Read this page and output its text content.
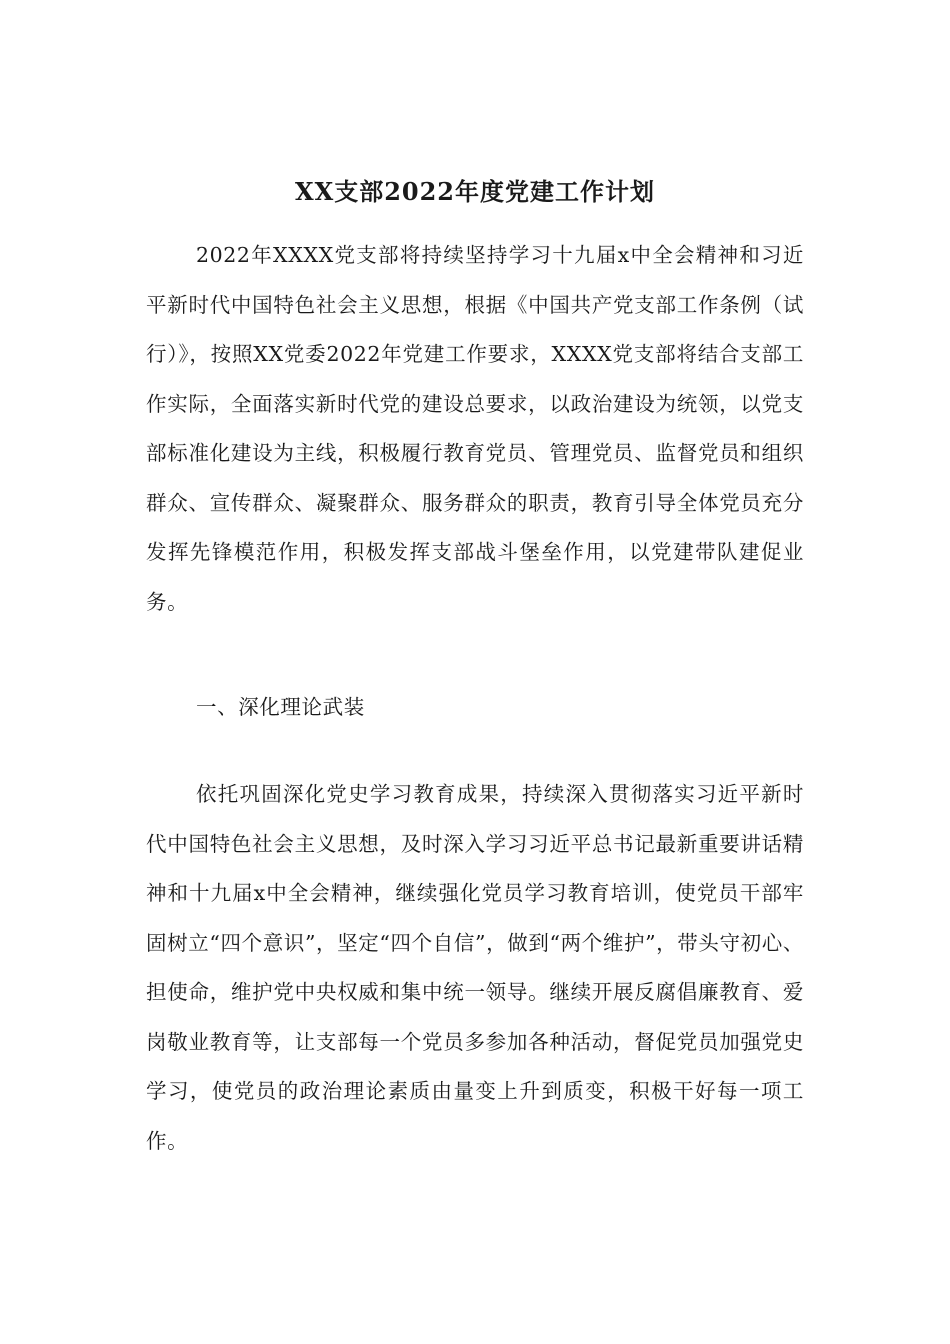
XX支部2022年度党建工作计划

2022年XXXX党支部将持续坚持学习十九届x中全会精神和习近平新时代中国特色社会主义思想，根据《中国共产党支部工作条例（试行）》，按照XX党委2022年党建工作要求，XXXX党支部将结合支部工作实际，全面落实新时代党的建设总要求，以政治建设为统领，以党支部标准化建设为主线，积极履行教育党员、管理党员、监督党员和组织群众、宣传群众、凝聚群众、服务群众的职责，教育引导全体党员充分发挥先锋模范作用，积极发挥支部战斗堡垒作用，以党建带队建促业务。

一、深化理论武装

依托巩固深化党史学习教育成果，持续深入贯彻落实习近平新时代中国特色社会主义思想，及时深入学习习近平总书记最新重要讲话精神和十九届x中全会精神，继续强化党员学习教育培训，使党员干部牢固树立“四个意识”，坚定“四个自信”，做到“两个维护”，带头守初心、担使命，维护党中央权威和集中统一领导。继续开展反腐倡廉教育、爱岗敬业教育等，让支部每一个党员多参加各种活动，督促党员加强党史学习，使党员的政治理论素质由量变上升到质变，积极干好每一项工作。
